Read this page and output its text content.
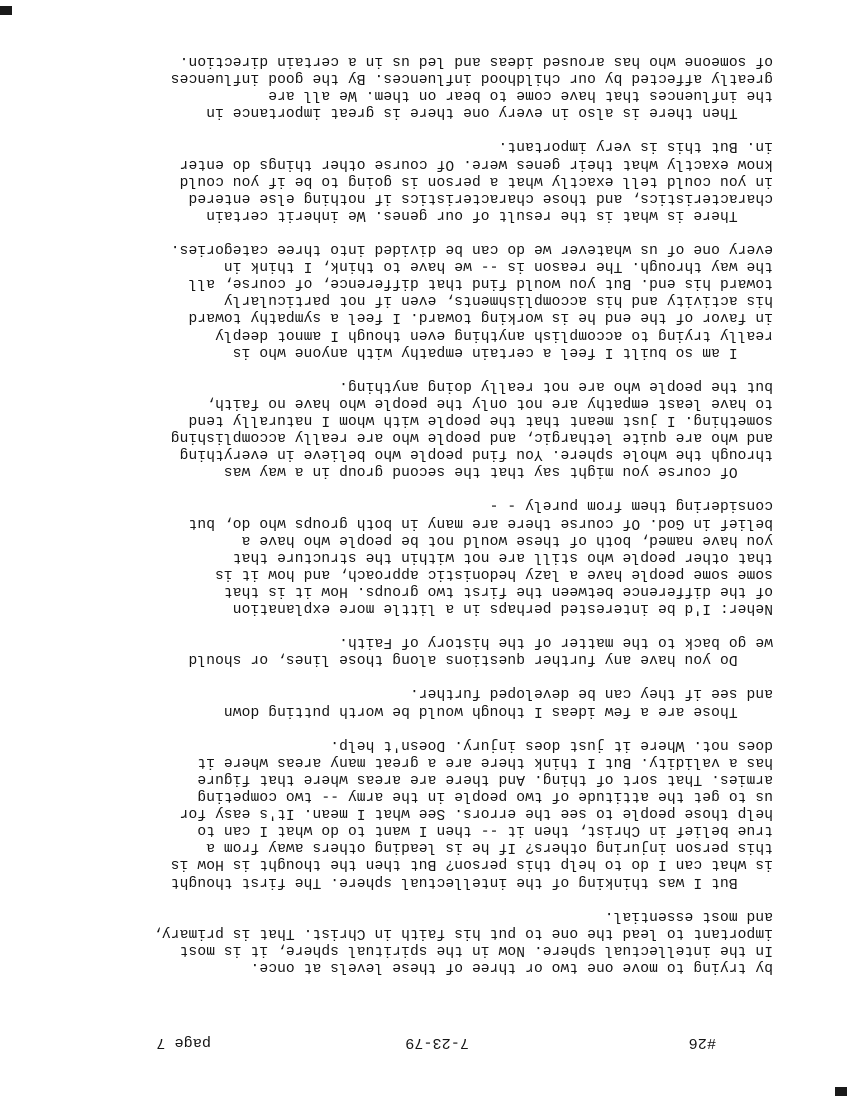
#26
7-23-79
page 7
by trying to move one two or three of these levels at once.
In the intellectual sphere. Now in the spiritual sphere, it is most
important to lead the one to put his faith in Christ. That is primary,
and most essential.
But I was thinking of the intellectual sphere. The first thought
is what can I do to help this person? But then the thought is How is
this person injuring others? If he is leading others away from a
true belief in Christ, then it -- then I want to do what I can to
help those people to see the errors. See what I mean. It's easy for
us to get the attitude of two people in the army -- two competing
armies. That sort of thing. And there are areas where that figure
has a validity. But I think there are a great many areas where it
does not. Where it just does injury. Doesn't help.
Those are a few ideas I though would be worth putting down
and see if they can be developed further.
Do you have any further questions along those lines, or should
we go back to the matter of the history of Faith.
Neher: I'd be interested perhaps in a little more explanation
of the difference between the first two groups. How it is that
some some people have a lazy hedonistic approach, and how it is
that other people who still are not within the structure that
you have named, both of these would not be people who have a
belief in God. Of course there are many in both groups who do, but
considering them from purely - -
Of course you might say that the second group in a way was
through the whole sphere. You find people who believe in everything
and who are quite lethargic, and people who are really accomplishing
something. I just meant that the people with whom I naturally tend
to have least empathy are not only the people who have no faith,
but the people who are not really doing anything.
I am so built I feel a certain empathy with anyone who is
really trying to accomplish anything even though I amnot deeply
in favor of the end he is working toward. I feel a sympathy toward
his activity and his accomplishments, even if not particularly
toward his end. But you would find that difference, of course, all
the way through. The reason is -- we have to think, I think in
every one of us whatever we do can be divided into three categories.
There is what is the result of our genes. We inherit certain
characteristics, and those characteristics if nothing else entered
in you could tell exactly what a person is going to be if you could
know exactly what their genes were. Of course other things do enter
in. But this is very important.
Then there is also in every one there is great importance in
the influences that have come to bear on them. We all are
greatly affected by our childhood influences. By the good influences
of someone who has aroused ideas and led us in a certain direction.
